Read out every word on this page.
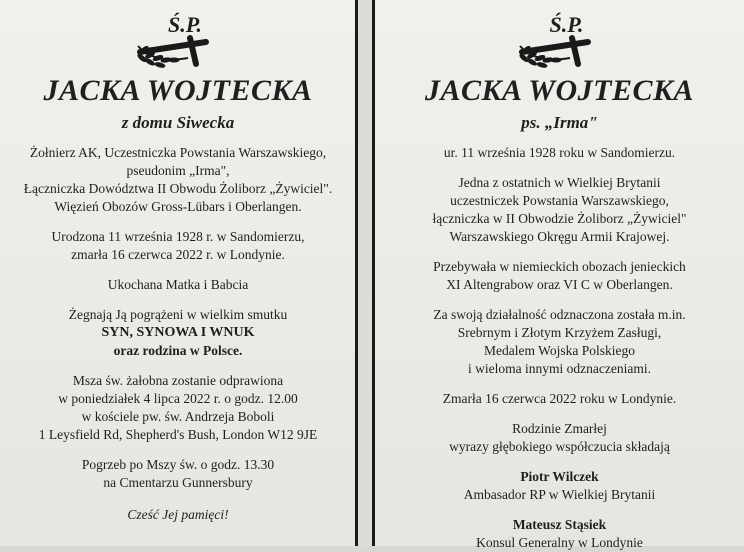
Ś.P.
JACKA WOJTECKA
z domu Siwecka
Żołnierz AK, Uczestniczka Powstania Warszawskiego,
pseudonim „Irma",
Łączniczka Dowództwa II Obwodu Żoliborz „Żywiciel".
Więzień Obozów Gross-Lübars i Oberlangen.
Urodzona 11 września 1928 r. w Sandomierzu,
zmarła 16 czerwca 2022 r. w Londynie.
Ukochana Matka i Babcia
Żegnają Ją pogrążeni w wielkim smutku
SYN, SYNOWA I WNUK
oraz rodzina w Polsce.
Msza św. żałobna zostanie odprawiona
w poniedziałek 4 lipca 2022 r. o godz. 12.00
w kościele pw. św. Andrzeja Boboli
1 Leysfield Rd, Shepherd's Bush, London W12 9JE
Pogrzeb po Mszy św. o godz. 13.30
na Cmentarzu Gunnersbury
Cześć Jej pamięci!
Ś.P.
JACKA WOJTECKA
ps. „Irma"
ur. 11 września 1928 roku w Sandomierzu.
Jedna z ostatnich w Wielkiej Brytanii
uczestniczek Powstania Warszawskiego,
łączniczka w II Obwodzie Żoliborz „Żywiciel"
Warszawskiego Okręgu Armii Krajowej.
Przebywała w niemieckich obozach jenieckich
XI Altengrabow oraz VI C w Oberlangen.
Za swoją działalność odznaczona została m.in.
Srebrnym i Złotym Krzyżem Zasługi,
Medalem Wojska Polskiego
i wieloma innymi odznaczeniami.
Zmarła 16 czerwca 2022 roku w Londynie.
Rodzinie Zmarłej
wyrazy głębokiego współczucia składają
Piotr Wilczek
Ambasador RP w Wielkiej Brytanii
Mateusz Stąsiek
Konsul Generalny w Londynie
